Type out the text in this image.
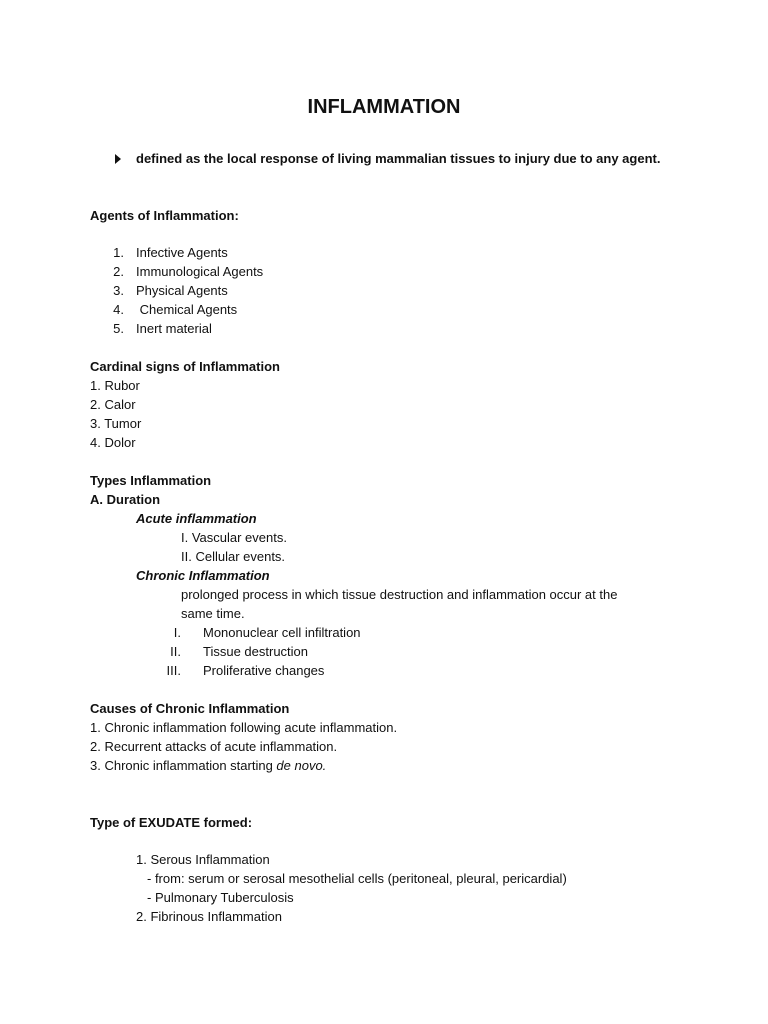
INFLAMMATION
defined as the local response of living mammalian tissues to injury due to any agent.
Agents of Inflammation:
1. Infective Agents
2. Immunological Agents
3. Physical Agents
4. Chemical Agents
5. Inert material
Cardinal signs of Inflammation
1. Rubor
2. Calor
3. Tumor
4. Dolor
Types Inflammation
A. Duration
Acute inflammation
I. Vascular events.
II. Cellular events.
Chronic Inflammation
prolonged process in which tissue destruction and inflammation occur at the
same time.
I. Mononuclear cell infiltration
II. Tissue destruction
III. Proliferative changes
Causes of Chronic Inflammation
1. Chronic inflammation following acute inflammation.
2. Recurrent attacks of acute inflammation.
3. Chronic inflammation starting de novo.
Type of EXUDATE formed:
1. Serous Inflammation
- from: serum or serosal mesothelial cells (peritoneal, pleural, pericardial)
- Pulmonary Tuberculosis
2. Fibrinous Inflammation
